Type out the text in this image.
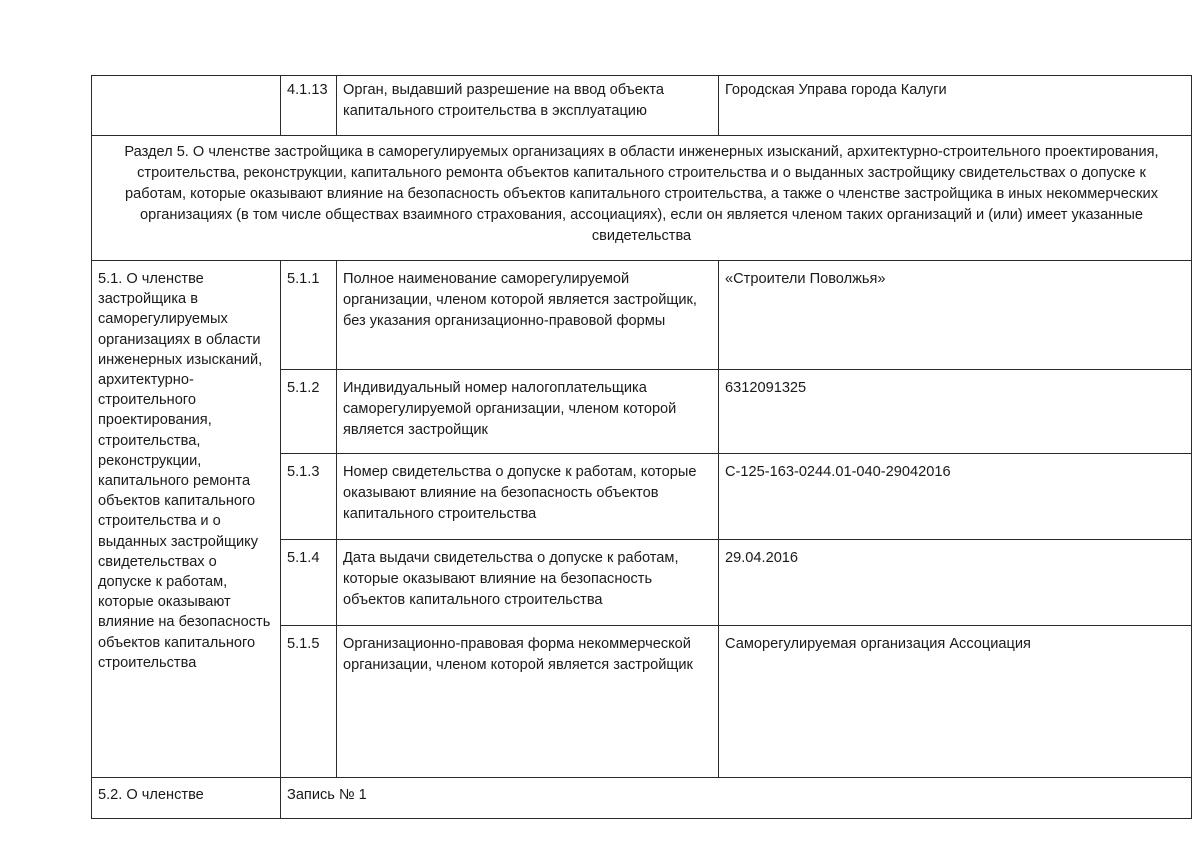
	4.1.13	Орган, выдавший разрешение на ввод объекта капитального строительства в эксплуатацию	Городская Управа города Калуги
Раздел 5. О членстве застройщика в саморегулируемых организациях в области инженерных изысканий, архитектурно-строительного проектирования, строительства, реконструкции, капитального ремонта объектов капитального строительства и о выданных застройщику свидетельствах о допуске к работам, которые оказывают влияние на безопасность объектов капитального строительства, а также о членстве застройщика в иных некоммерческих организациях (в том числе обществах взаимного страхования, ассоциациях), если он является членом таких организаций и (или) имеет указанные свидетельства			
5.1. О членстве застройщика в саморегулируемых организациях в области инженерных изысканий, архитектурно-строительного проектирования, строительства, реконструкции, капитального ремонта объектов капитального строительства и о выданных застройщику свидетельствах о допуске к работам, которые оказывают влияние на безопасность объектов капитального строительства	5.1.1	Полное наименование саморегулируемой организации, членом которой является застройщик, без указания организационно-правовой формы	«Строители Поволжья»
	5.1.2	Индивидуальный номер налогоплательщика саморегулируемой организации, членом которой является застройщик	6312091325
	5.1.3	Номер свидетельства о допуске к работам, которые оказывают влияние на безопасность объектов капитального строительства	С-125-163-0244.01-040-29042016
	5.1.4	Дата выдачи свидетельства о допуске к работам, которые оказывают влияние на безопасность объектов капитального строительства	29.04.2016
	5.1.5	Организационно-правовая форма некоммерческой организации, членом которой является застройщик	Саморегулируемая организация Ассоциация
5.2. О членстве	Запись № 1		
